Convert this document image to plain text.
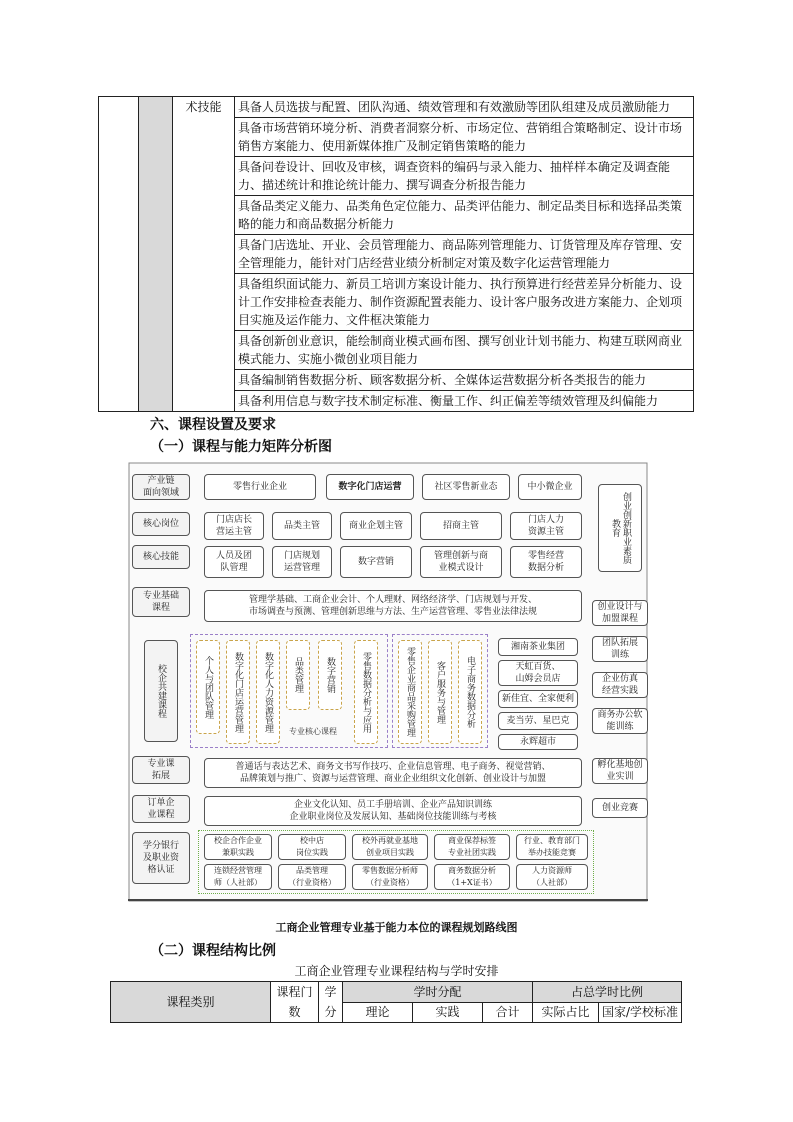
		术技能	具备人员选拔与配置、团队沟通、绩效管理和有效激励等团队组建及成员激励能力
具备市场营销环境分析、消费者洞察分析、市场定位、营销组合策略制定、设计市场销售方案能力、使用新媒体推广及制定销售策略的能力
具备问卷设计、回收及审核，调查资料的编码与录入能力、抽样样本确定及调查能力、描述统计和推论统计能力、撰写调查分析报告能力
具备品类定义能力、品类角色定位能力、品类评估能力、制定品类目标和选择品类策略的能力和商品数据分析能力
具备门店选址、开业、会员管理能力、商品陈列管理能力、订货管理及库存管理、安全管理能力，能针对门店经营业绩分析制定对策及数字化运营管理能力
具备组织面试能力、新员工培训方案设计能力、执行预算进行经营差异分析能力、设计工作安排检查表能力、制作资源配置表能力、设计客户服务改进方案能力、企划项目实施及运作能力、文件框决策能力
具备创新创业意识，能绘制商业模式画布图、撰写创业计划书能力、构建互联网商业模式能力、实施小微创业项目能力
具备编制销售数据分析、顾客数据分析、全媒体运营数据分析各类报告的能力
具备利用信息与数字技术制定标准、衡量工作、纠正偏差等绩效管理及纠偏能力
六、课程设置及要求
（一）课程与能力矩阵分析图
产业链
面向领域
核心岗位
核心技能
专业基础
课程
校企共建课程
专业课
拓展
订单企
业课程
学分银行
及职业资
格认证
零售行业企业	数字化门店运营	社区零售新业态	中小微企业
门店店长
营运主管
品类主管	商业企划主管	招商主管
门店人力
资源主管
人员及团
队管理
门店规划
运营管理
数字营销
管理创新与商
业模式设计
零售经营
数据分析
管理学基础、工商企业会计、个人理财、网络经济学、门店规划与开发、
市场调查与预测、管理创新思维与方法、生产运营管理、零售业法律法规
个人与团队管理	数字化门店运营管理	数字化人力资源管理	品类管理	数字营销	零售数据分析与应用
专业核心课程	零售企业商品采购管理	客户服务与管理	电子商务数据分析
湘南茶业集团
天虹百货、
山姆会员店
新佳宜、全家便利
麦当劳、星巴克
永辉超市
普通话与表达艺术、商务文书写作技巧、企业信息管理、电子商务、视觉营销、
品牌策划与推广、资源与运营管理、商业企业组织文化创新、创业设计与加盟
企业文化认知、员工手册培训、企业产品知识训练
企业职业岗位及发展认知、基础岗位技能训练与考核
校企合作企业
兼职实践
校中店
岗位实践
校外再就业基地
创业项目实践
商业保荐标签
专业社团实践
行业、教育部门
举办技能竞赛
连锁经营管理
师（人社部）
品类管理
（行业资格）
零售数据分析师
（行业资格）
商务数据分析
（1+X证书）
人力资源师
（人社部）
创业创新职业素质教育
创业设计与
加盟课程
团队拓展
训练
企业仿真
经营实践
商务办公软
能训练
孵化基地创
业实训
创业竞赛
工商企业管理专业基于能力本位的课程规划路线图
（二）课程结构比例
工商企业管理专业课程结构与学时安排
课程类别	课程门数	学分	学时分配			占总学时比例	
			理论	实践	合计	实际占比	国家/学校标准
